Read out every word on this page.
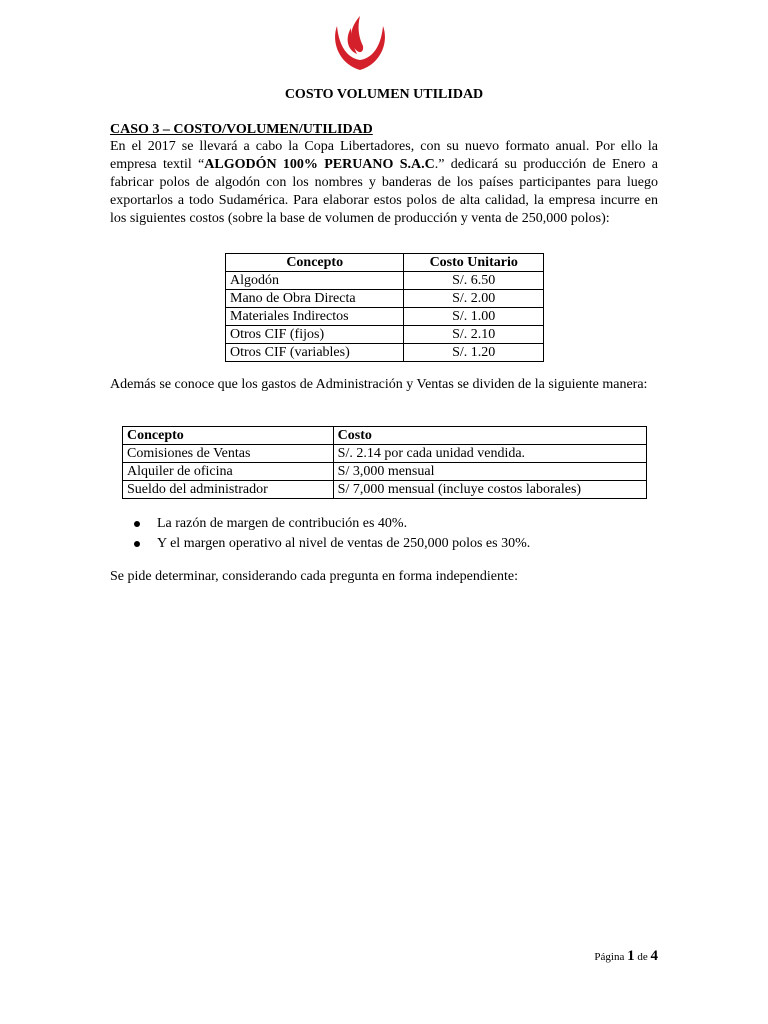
COSTO VOLUMEN UTILIDAD
CASO 3 – COSTO/VOLUMEN/UTILIDAD

En el 2017 se llevará a cabo la Copa Libertadores, con su nuevo formato anual. Por ello la empresa textil “ALGODÓN 100% PERUANO S.A.C.” dedicará su producción de Enero a fabricar polos de algodón con los nombres y banderas de los países participantes para luego exportarlos a todo Sudamérica. Para elaborar estos polos de alta calidad, la empresa incurre en los siguientes costos (sobre la base de volumen de producción y venta de 250,000 polos):

Concepto	Costo Unitario
Algodón	S/. 6.50
Mano de Obra Directa	S/. 2.00
Materiales Indirectos	S/. 1.00
Otros CIF (fijos)	S/. 2.10
Otros CIF (variables)	S/. 1.20
Además se conoce que los gastos de Administración y Ventas se dividen de la siguiente manera:
Concepto	Costo
Comisiones de Ventas	S/. 2.14 por cada unidad vendida.
Alquiler de oficina	S/ 3,000 mensual
Sueldo del administrador	S/ 7,000 mensual (incluye costos laborales)
La razón de margen de contribución es 40%.
Y el margen operativo al nivel de ventas de 250,000 polos es 30%.
Se pide determinar, considerando cada pregunta en forma independiente:
Página 1 de 4
